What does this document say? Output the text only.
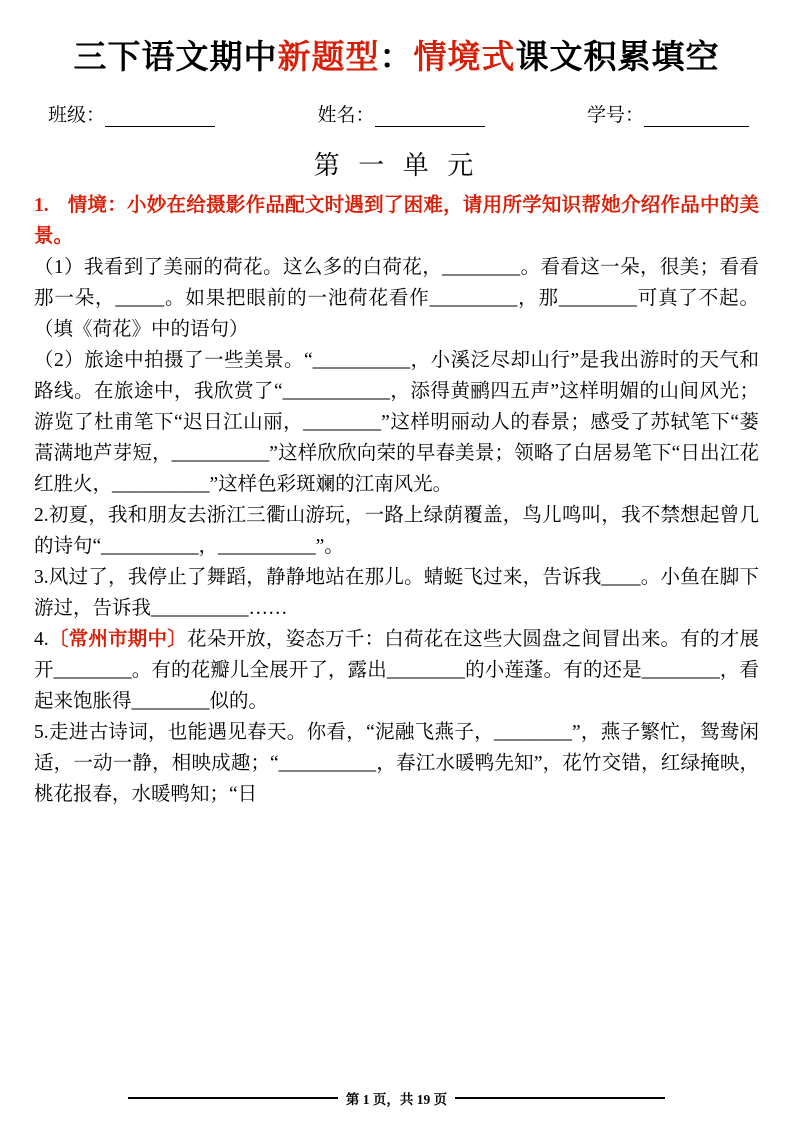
三下语文期中新题型：情境式课文积累填空
班级：	姓名：	学号：
第 一 单 元

1. 情境：小妙在给摄影作品配文时遇到了困难，请用所学知识帮她介绍作品中的美景。

（1）我看到了美丽的荷花。这么多的白荷花，________。看看这一朵，很美；看看那一朵，_____。如果把眼前的一池荷花看作_________，那________可真了不起。（填《荷花》中的语句）

（2）旅途中拍摄了一些美景。“__________，小溪泛尽却山行”是我出游时的天气和路线。在旅途中，我欣赏了“___________，添得黄鹂四五声”这样明媚的山间风光；游览了杜甫笔下“迟日江山丽，________”这样明丽动人的春景；感受了苏轼笔下“蒌蒿满地芦芽短，__________”这样欣欣向荣的早春美景；领略了白居易笔下“日出江花红胜火，__________”这样色彩斑斓的江南风光。

2.初夏，我和朋友去浙江三衢山游玩，一路上绿荫覆盖，鸟儿鸣叫，我不禁想起曾几的诗句“__________，__________”。

3.风过了，我停止了舞蹈，静静地站在那儿。蜻蜓飞过来，告诉我____。小鱼在脚下游过，告诉我__________……

4.〔常州市期中〕花朵开放，姿态万千：白荷花在这些大圆盘之间冒出来。有的才展开________。有的花瓣儿全展开了，露出________的小莲蓬。有的还是________，看起来饱胀得________似的。

5.走进古诗词，也能遇见春天。你看，“泥融飞燕子，________”，燕子繁忙，鸳鸯闲适，一动一静，相映成趣；“__________，春江水暖鸭先知”，花竹交错，红绿掩映，桃花报春，水暖鸭知；“日

第 1 页，共 19 页
